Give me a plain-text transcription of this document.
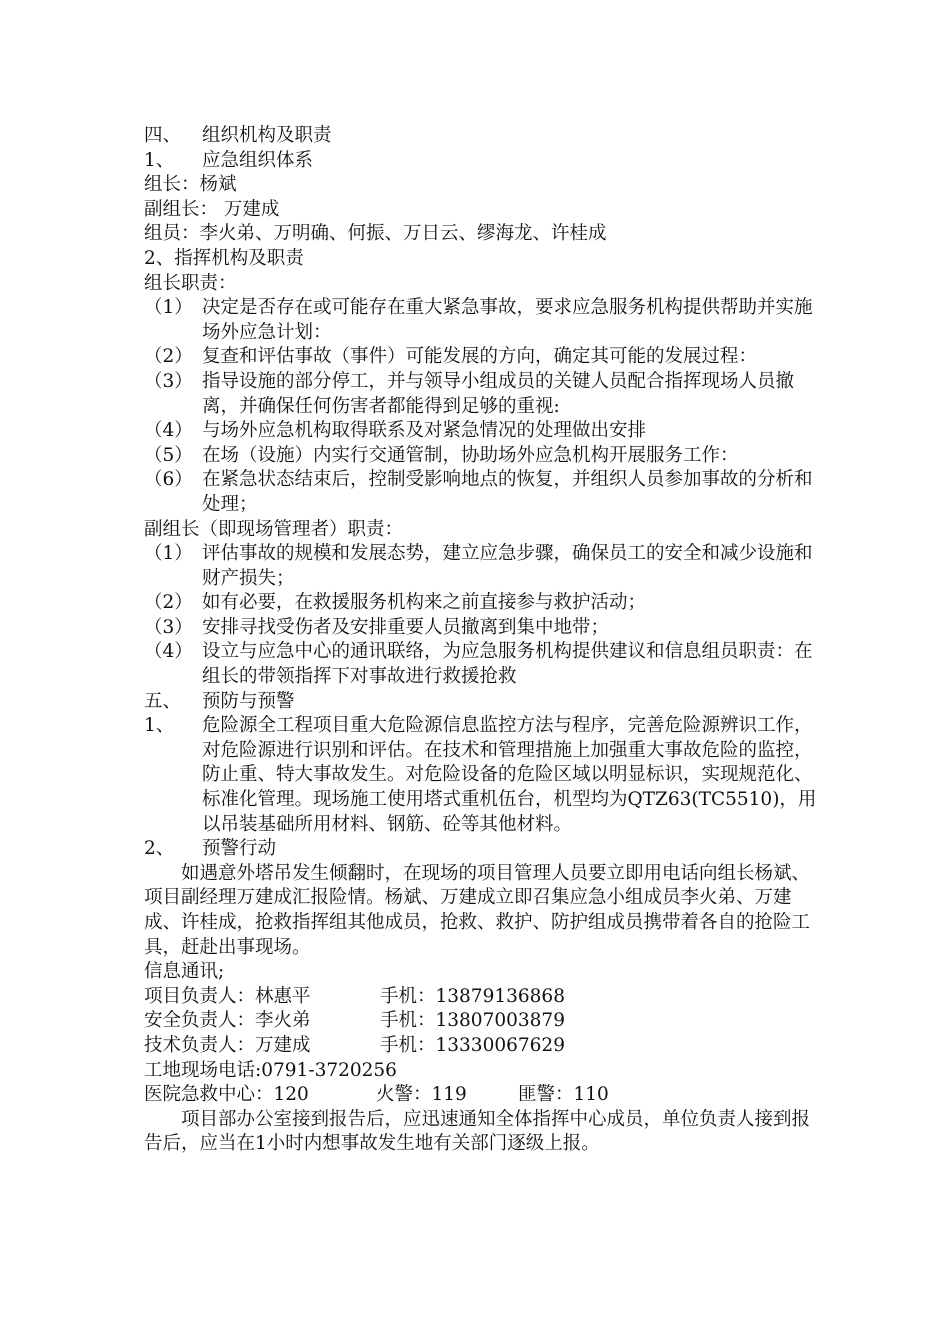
四、	组织机构及职责
1、	应急组织体系
组长：杨斌
副组长： 万建成
组员：李火弟、万明确、何振、万日云、缪海龙、许桂成
2、指挥机构及职责
组长职责：
（1） 决定是否存在或可能存在重大紧急事故，要求应急服务机构提供帮助并实施场外应急计划：
（2） 复查和评估事故（事件）可能发展的方向，确定其可能的发展过程：
（3） 指导设施的部分停工，并与领导小组成员的关键人员配合指挥现场人员撤离，并确保任何伤害者都能得到足够的重视:
（4） 与场外应急机构取得联系及对紧急情况的处理做出安排
（5） 在场（设施）内实行交通管制，协助场外应急机构开展服务工作：
（6） 在紧急状态结束后，控制受影响地点的恢复，并组织人员参加事故的分析和处理；
副组长（即现场管理者）职责：
（1） 评估事故的规模和发展态势，建立应急步骤，确保员工的安全和减少设施和财产损失；
（2） 如有必要，在救援服务机构来之前直接参与救护活动；
（3） 安排寻找受伤者及安排重要人员撤离到集中地带；
（4） 设立与应急中心的通讯联络，为应急服务机构提供建议和信息组员职责：在组长的带领指挥下对事故进行救援抢救
五、	预防与预警
1、	危险源全工程项目重大危险源信息监控方法与程序，完善危险源辨识工作，对危险源进行识别和评估。在技术和管理措施上加强重大事故危险的监控，防止重、特大事故发生。对危险设备的危险区域以明显标识，实现规范化、标准化管理。现场施工使用塔式重机伍台，机型均为QTZ63(TC5510)，用以吊装基础所用材料、钢筋、砼等其他材料。
2、	预警行动
如遇意外塔吊发生倾翻时，在现场的项目管理人员要立即用电话向组长杨斌、项目副经理万建成汇报险情。杨斌、万建成立即召集应急小组成员李火弟、万建成、许桂成，抢救指挥组其他成员，抢救、救护、防护组成员携带着各自的抢险工具，赶赴出事现场。
信息通讯;
项目负责人：林惠平	手机：13879136868
安全负责人：李火弟	手机：13807003879
技术负责人：万建成	手机：13330067629
工地现场电话:0791-3720256
医院急救中心：120	火警：119	匪警：110
项目部办公室接到报告后，应迅速通知全体指挥中心成员，单位负责人接到报告后，应当在1小时内想事故发生地有关部门逐级上报。
